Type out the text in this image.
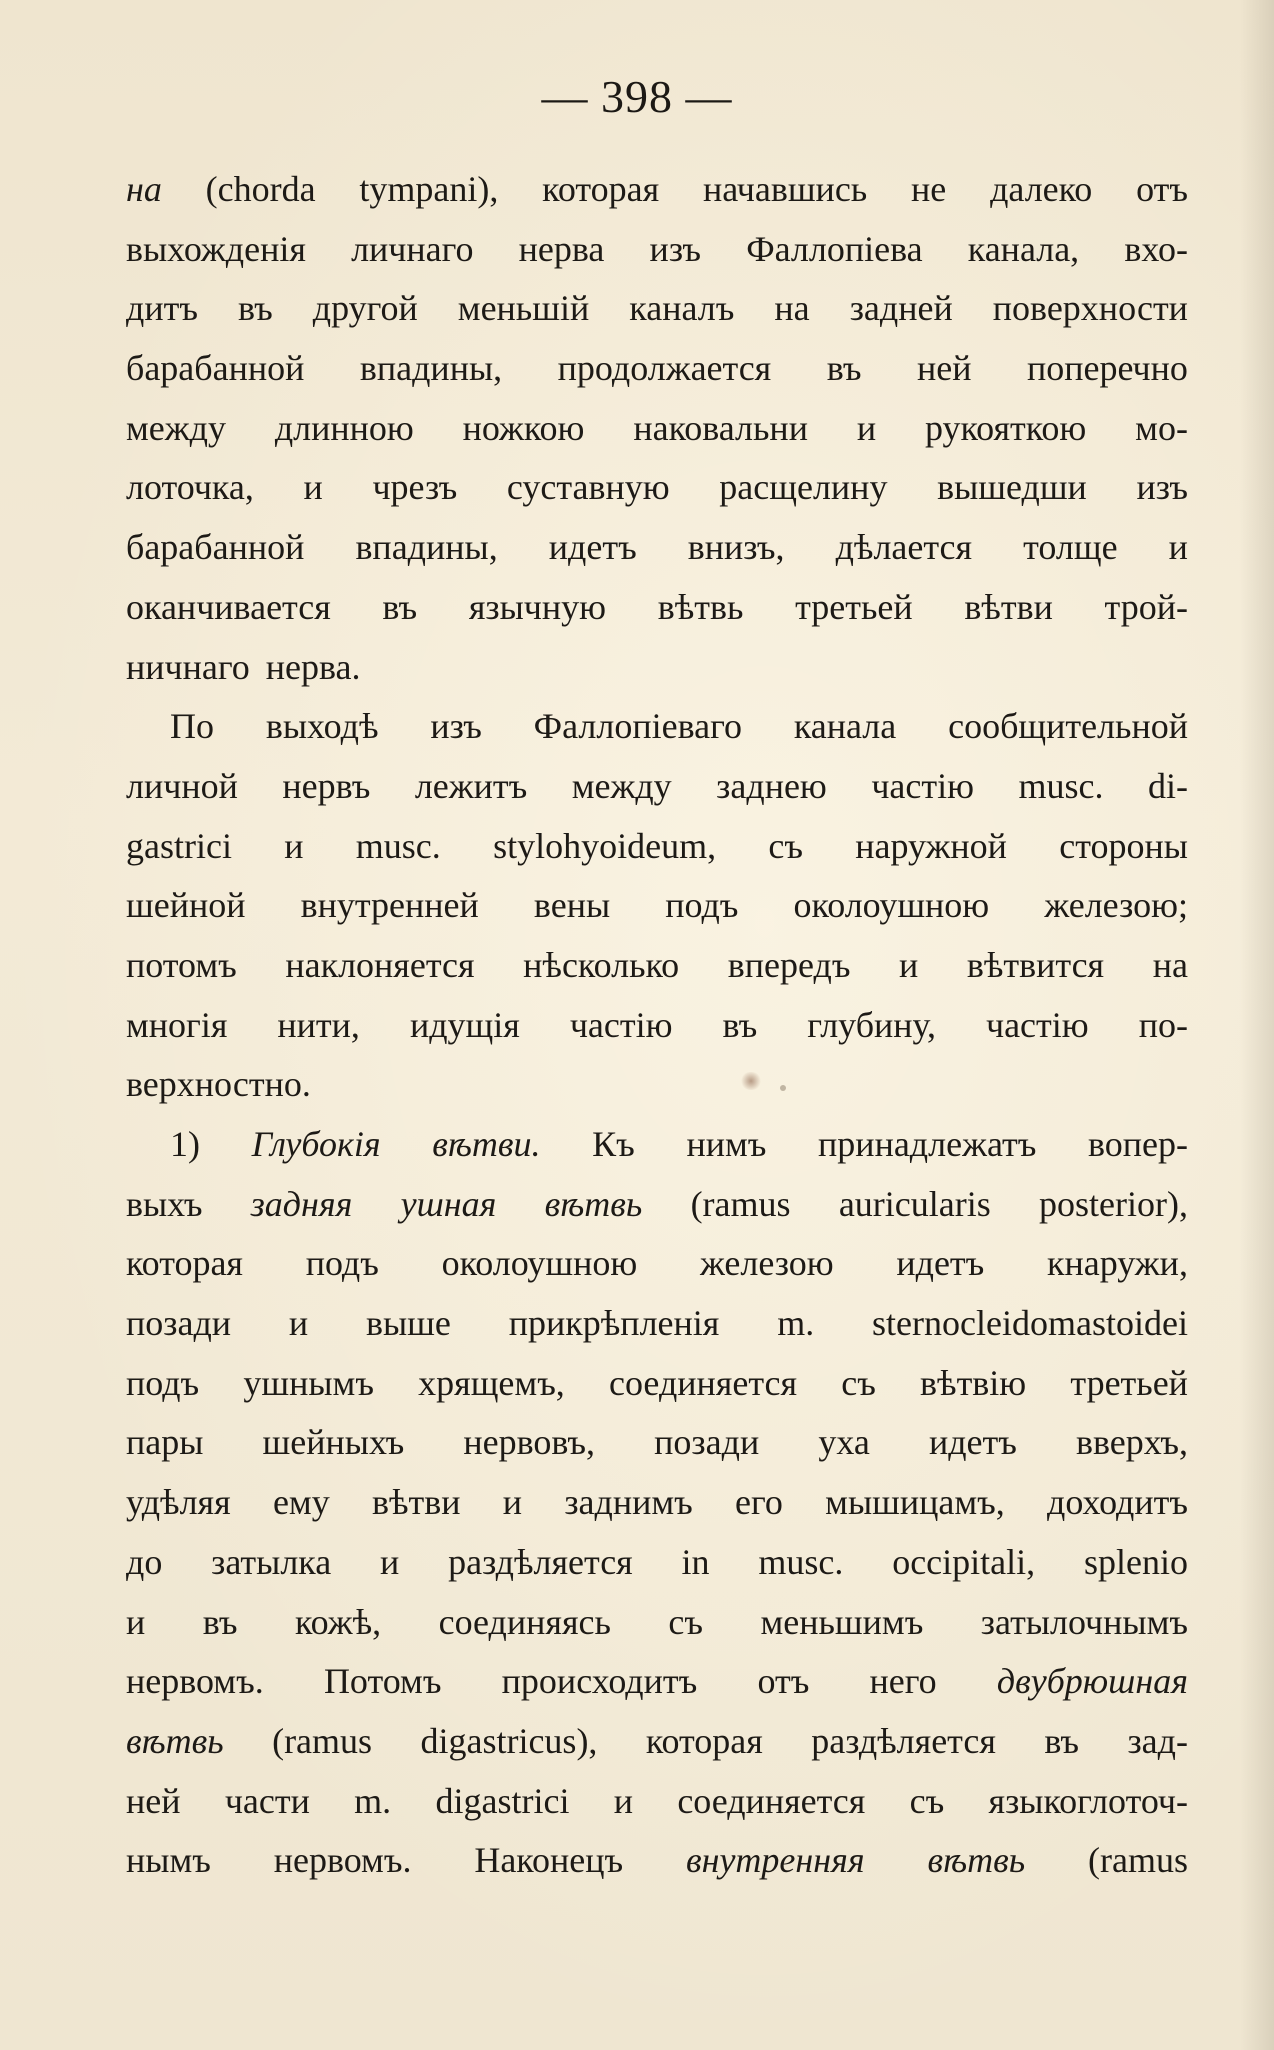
— 398 —
на (chorda tympani), которая начавшись не далеко отъ
выхожденія личнаго нерва изъ Фаллопіева канала, вхо-
дитъ въ другой меньшій каналъ на задней поверхности
барабанной впадины, продолжается въ ней поперечно
между длинною ножкою наковальни и рукояткою мо-
лоточка, и чрезъ суставную расщелину вышедши изъ
барабанной впадины, идетъ внизъ, дѣлается толще и
оканчивается въ язычную вѣтвь третьей вѣтви трой-
ничнаго нерва.
По выходѣ изъ Фаллопіеваго канала сообщительной
личной нервъ лежитъ между заднею частію musc. di-
gastrici и musc. stylohyoideum, съ наружной стороны
шейной внутренней вены подъ околоушною железою;
потомъ наклоняется нѣсколько впередъ и вѣтвится на
многія нити, идущія частію въ глубину, частію по-
верхностно.
1) Глубокія вѣтви. Къ нимъ принадлежатъ вопер-
выхъ задняя ушная вѣтвь (ramus auricularis posterior),
которая подъ околоушною железою идетъ кнаружи,
позади и выше прикрѣпленія m. sternocleidomastoidei
подъ ушнымъ хрящемъ, соединяется съ вѣтвію третьей
пары шейныхъ нервовъ, позади уха идетъ вверхъ,
удѣляя ему вѣтви и заднимъ его мышицамъ, доходитъ
до затылка и раздѣляется in musc. occipitali, splenio
и въ кожѣ, соединяясь съ меньшимъ затылочнымъ
нервомъ. Потомъ происходитъ отъ него двубрюшная
вѣтвь (ramus digastricus), которая раздѣляется въ зад-
ней части m. digastrici и соединяется съ языкоглоточ-
нымъ нервомъ. Наконецъ внутренняя вѣтвь (ramus
